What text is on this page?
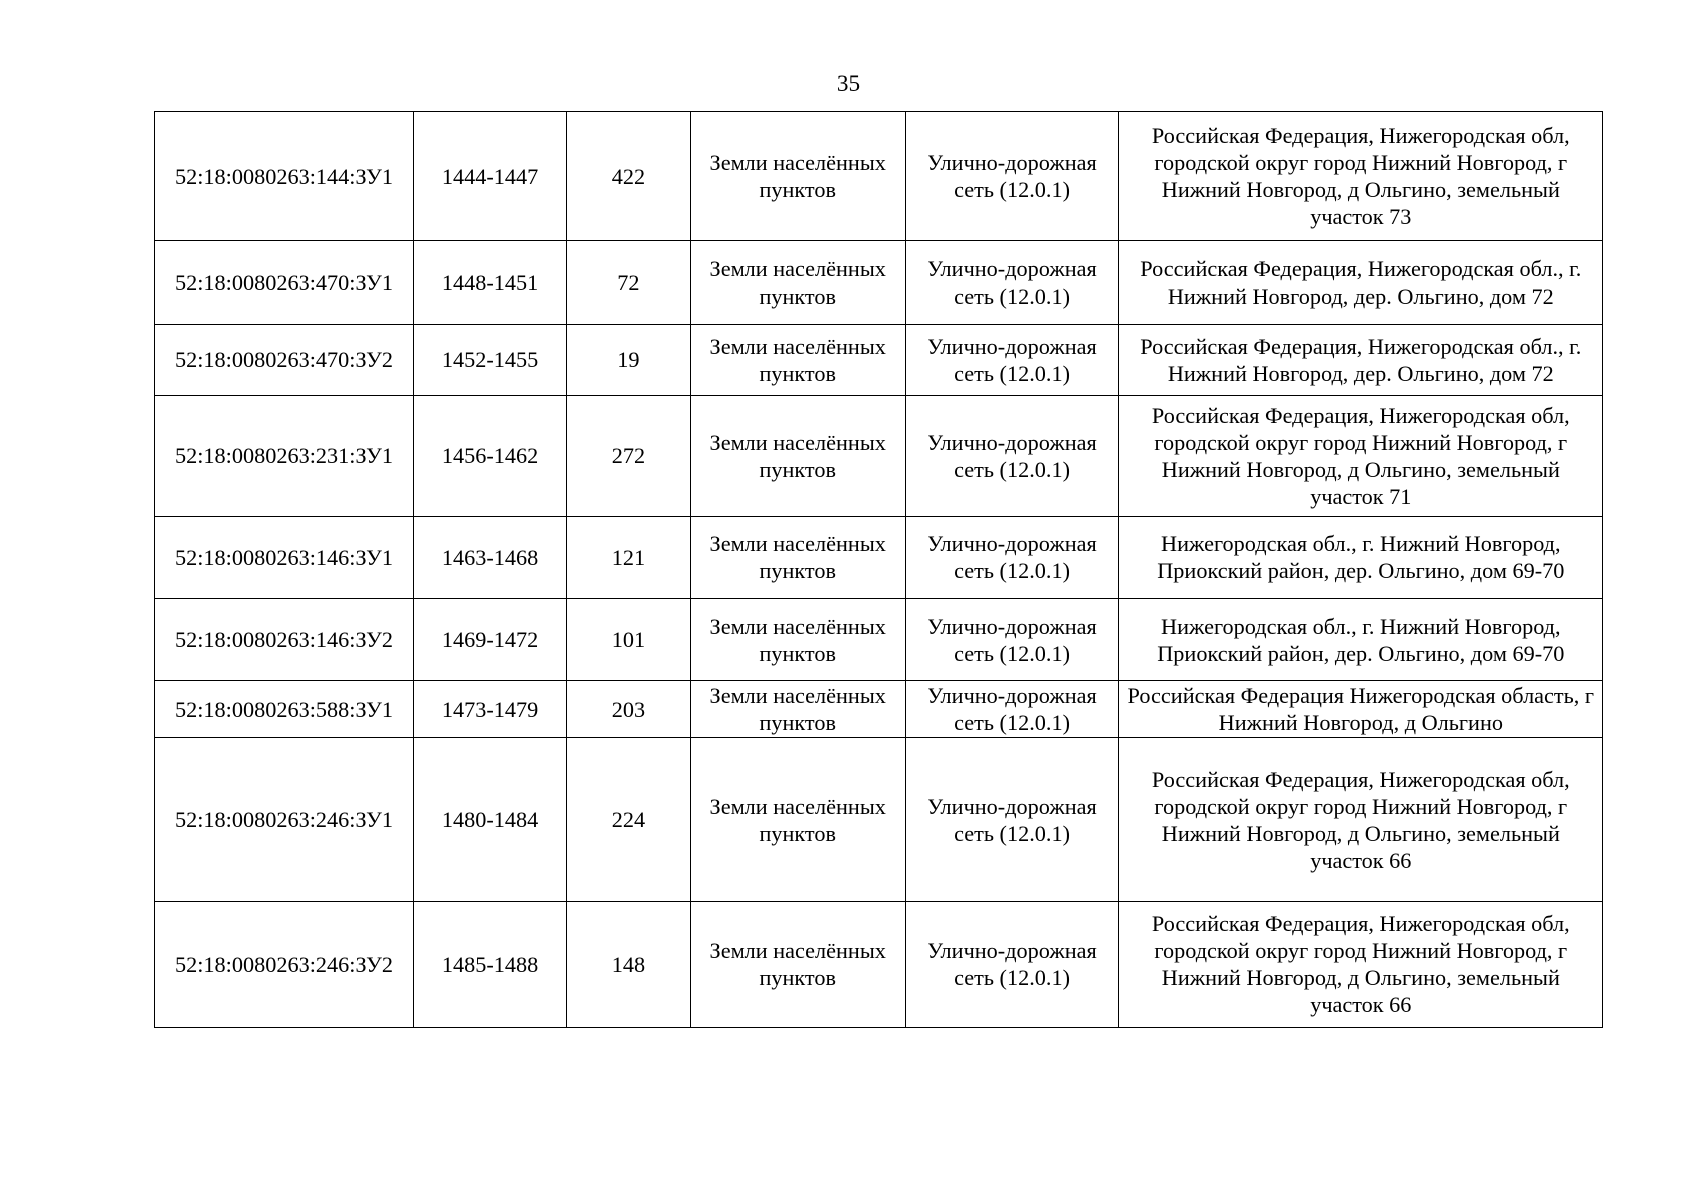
35
52:18:0080263:144:ЗУ1	1444-1447	422	Земли населённых пунктов	Улично-дорожная сеть (12.0.1)	Российская Федерация, Нижегородская обл, городской округ город Нижний Новгород, г Нижний Новгород, д Ольгино, земельный участок 73
52:18:0080263:470:ЗУ1	1448-1451	72	Земли населённых пунктов	Улично-дорожная сеть (12.0.1)	Российская Федерация, Нижегородская обл., г. Нижний Новгород, дер. Ольгино, дом 72
52:18:0080263:470:ЗУ2	1452-1455	19	Земли населённых пунктов	Улично-дорожная сеть (12.0.1)	Российская Федерация, Нижегородская обл., г. Нижний Новгород, дер. Ольгино, дом 72
52:18:0080263:231:ЗУ1	1456-1462	272	Земли населённых пунктов	Улично-дорожная сеть (12.0.1)	Российская Федерация, Нижегородская обл, городской округ город Нижний Новгород, г Нижний Новгород, д Ольгино, земельный участок 71
52:18:0080263:146:ЗУ1	1463-1468	121	Земли населённых пунктов	Улично-дорожная сеть (12.0.1)	Нижегородская обл., г. Нижний Новгород, Приокский район, дер. Ольгино, дом 69-70
52:18:0080263:146:ЗУ2	1469-1472	101	Земли населённых пунктов	Улично-дорожная сеть (12.0.1)	Нижегородская обл., г. Нижний Новгород, Приокский район, дер. Ольгино, дом 69-70
52:18:0080263:588:ЗУ1	1473-1479	203	Земли населённых пунктов	Улично-дорожная сеть (12.0.1)	Российская Федерация Нижегородская область, г Нижний Новгород, д Ольгино
52:18:0080263:246:ЗУ1	1480-1484	224	Земли населённых пунктов	Улично-дорожная сеть (12.0.1)	Российская Федерация, Нижегородская обл, городской округ город Нижний Новгород, г Нижний Новгород, д Ольгино, земельный участок 66
52:18:0080263:246:ЗУ2	1485-1488	148	Земли населённых пунктов	Улично-дорожная сеть (12.0.1)	Российская Федерация, Нижегородская обл, городской округ город Нижний Новгород, г Нижний Новгород, д Ольгино, земельный участок 66
